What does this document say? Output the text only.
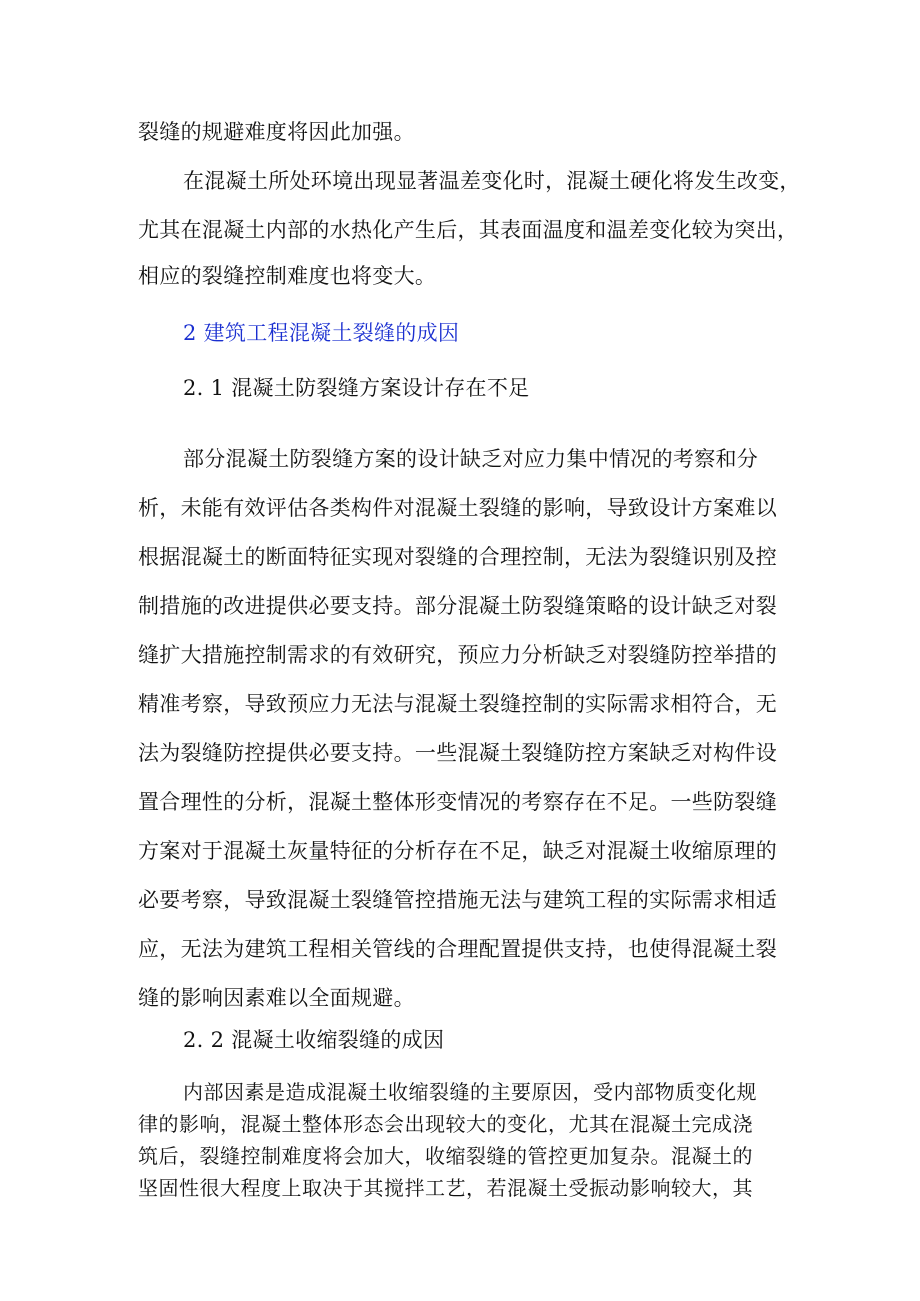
裂缝的规避难度将因此加强。
在混凝土所处环境出现显著温差变化时，混凝土硬化将发生改变，
尤其在混凝土内部的水热化产生后，其表面温度和温差变化较为突出，
相应的裂缝控制难度也将变大。
2 建筑工程混凝土裂缝的成因
2. 1 混凝土防裂缝方案设计存在不足
部分混凝土防裂缝方案的设计缺乏对应力集中情况的考察和分
析，未能有效评估各类构件对混凝土裂缝的影响，导致设计方案难以
根据混凝土的断面特征实现对裂缝的合理控制，无法为裂缝识别及控
制措施的改进提供必要支持。部分混凝土防裂缝策略的设计缺乏对裂
缝扩大措施控制需求的有效研究，预应力分析缺乏对裂缝防控举措的
精准考察，导致预应力无法与混凝土裂缝控制的实际需求相符合，无
法为裂缝防控提供必要支持。一些混凝土裂缝防控方案缺乏对构件设
置合理性的分析，混凝土整体形变情况的考察存在不足。一些防裂缝
方案对于混凝土灰量特征的分析存在不足，缺乏对混凝土收缩原理的
必要考察，导致混凝土裂缝管控措施无法与建筑工程的实际需求相适
应，无法为建筑工程相关管线的合理配置提供支持，也使得混凝土裂
缝的影响因素难以全面规避。
2. 2 混凝土收缩裂缝的成因
内部因素是造成混凝土收缩裂缝的主要原因，受内部物质变化规
律的影响，混凝土整体形态会出现较大的变化，尤其在混凝土完成浇
筑后，裂缝控制难度将会加大，收缩裂缝的管控更加复杂。混凝土的
坚固性很大程度上取决于其搅拌工艺，若混凝土受振动影响较大，其
